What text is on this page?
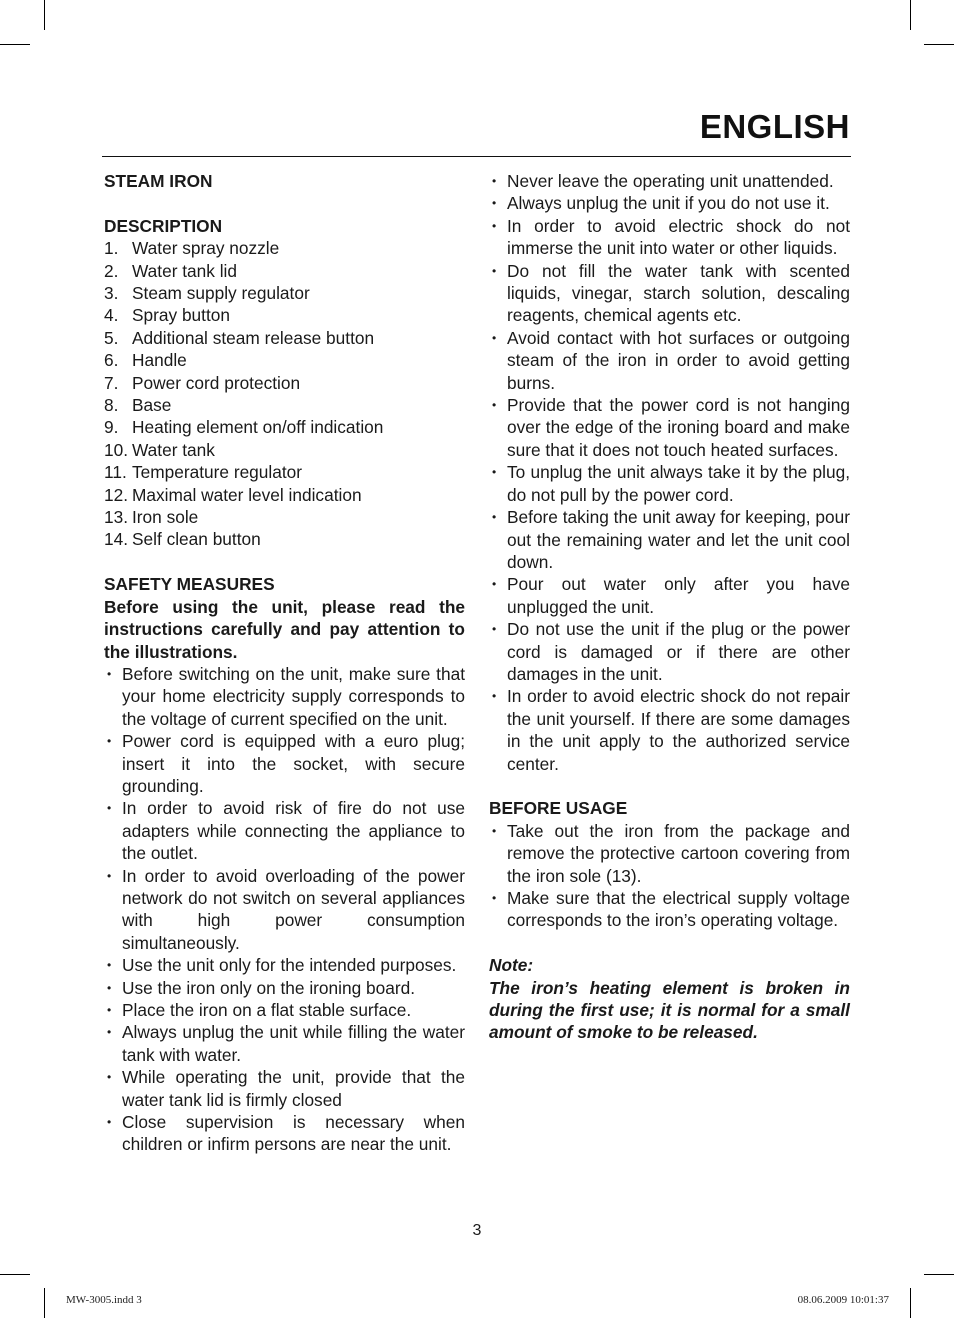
ENGLISH

STEAM IRON

DESCRIPTION

1. Water spray nozzle
2. Water tank lid
3. Steam supply regulator
4. Spray button
5. Additional steam release button
6. Handle
7. Power cord protection
8. Base
9. Heating element on/off indication
10. Water tank
11. Temperature regulator
12. Maximal water level indication
13. Iron sole
14. Self clean button

SAFETY MEASURES

Before using the unit, please read the instructions carefully and pay attention to the illustrations.

• Before switching on the unit, make sure that your home electricity supply corresponds to the voltage of current specified on the unit.
• Power cord is equipped with a euro plug; insert it into the socket, with secure grounding.
• In order to avoid risk of fire do not use adapters while connecting the appliance to the outlet.
• In order to avoid overloading of the power network do not switch on several appliances with high power consumption simultaneously.
• Use the unit only for the intended purposes.
• Use the iron only on the ironing board.
• Place the iron on a flat stable surface.
• Always unplug the unit while filling the water tank with water.
• While operating the unit, provide that the water tank lid is firmly closed
• Close supervision is necessary when children or infirm persons are near the unit.
• Never leave the operating unit unattended.
• Always unplug the unit if you do not use it.
• In order to avoid electric shock do not immerse the unit into water or other liquids.
• Do not fill the water tank with scented liquids, vinegar, starch solution, descaling reagents, chemical agents etc.
• Avoid contact with hot surfaces or outgoing steam of the iron in order to avoid getting burns.
• Provide that the power cord is not hanging over the edge of the ironing board and make sure that it does not touch heated surfaces.
• To unplug the unit always take it by the plug, do not pull by the power cord.
• Before taking the unit away for keeping, pour out the remaining water and let the unit cool down.
• Pour out water only after you have unplugged the unit.
• Do not use the unit if the plug or the power cord is damaged or if there are other damages in the unit.
• In order to avoid electric shock do not repair the unit yourself. If there are some damages in the unit apply to the authorized service center.

BEFORE USAGE

• Take out the iron from the package and remove the protective cartoon covering from the iron sole (13).
• Make sure that the electrical supply voltage corresponds to the iron’s operating voltage.

Note:

The iron’s heating element is broken in during the first use; it is normal for a small amount of smoke to be released.

3
MW-3005.indd 3	08.06.2009 10:01:37
